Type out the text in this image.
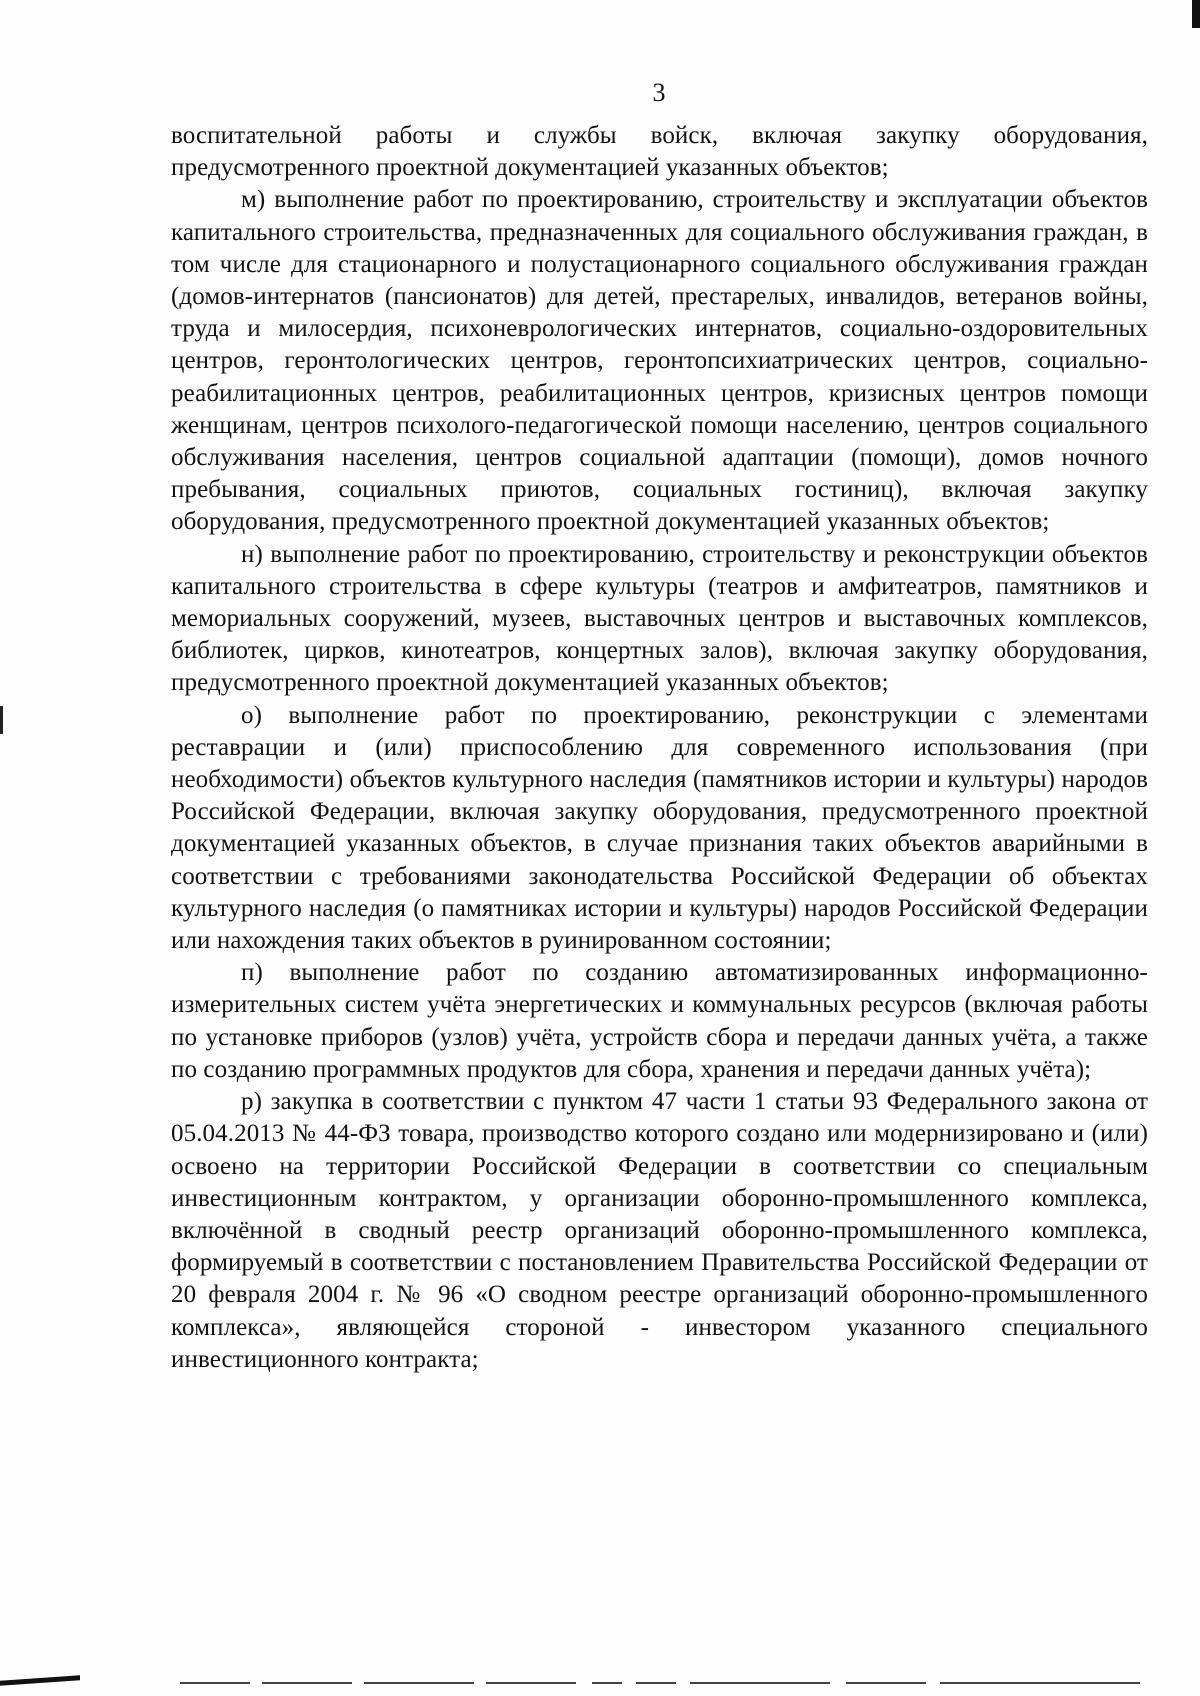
3

воспитательной работы и службы войск, включая закупку оборудования, предусмотренного проектной документацией указанных объектов;

м) выполнение работ по проектированию, строительству и эксплуатации объектов капитального строительства, предназначенных для социального обслуживания граждан, в том числе для стационарного и полустационарного социального обслуживания граждан (домов-интернатов (пансионатов) для детей, престарелых, инвалидов, ветеранов войны, труда и милосердия, психоневрологических интернатов, социально-оздоровительных центров, геронтологических центров, геронтопсихиатрических центров, социально-реабилитационных центров, реабилитационных центров, кризисных центров помощи женщинам, центров психолого-педагогической помощи населению, центров социального обслуживания населения, центров социальной адаптации (помощи), домов ночного пребывания, социальных приютов, социальных гостиниц), включая закупку оборудования, предусмотренного проектной документацией указанных объектов;

н) выполнение работ по проектированию, строительству и реконструкции объектов капитального строительства в сфере культуры (театров и амфитеатров, памятников и мемориальных сооружений, музеев, выставочных центров и выставочных комплексов, библиотек, цирков, кинотеатров, концертных залов), включая закупку оборудования, предусмотренного проектной документацией указанных объектов;

о) выполнение работ по проектированию, реконструкции с элементами реставрации и (или) приспособлению для современного использования (при необходимости) объектов культурного наследия (памятников истории и культуры) народов Российской Федерации, включая закупку оборудования, предусмотренного проектной документацией указанных объектов, в случае признания таких объектов аварийными в соответствии с требованиями законодательства Российской Федерации об объектах культурного наследия (о памятниках истории и культуры) народов Российской Федерации или нахождения таких объектов в руинированном состоянии;

п) выполнение работ по созданию автоматизированных информационно-измерительных систем учёта энергетических и коммунальных ресурсов (включая работы по установке приборов (узлов) учёта, устройств сбора и передачи данных учёта, а также по созданию программных продуктов для сбора, хранения и передачи данных учёта);

р) закупка в соответствии с пунктом 47 части 1 статьи 93 Федерального закона от 05.04.2013 № 44-ФЗ товара, производство которого создано или модернизировано и (или) освоено на территории Российской Федерации в соответствии со специальным инвестиционным контрактом, у организации оборонно-промышленного комплекса, включённой в сводный реестр организаций оборонно-промышленного комплекса, формируемый в соответствии с постановлением Правительства Российской Федерации от 20 февраля 2004 г. № 96 «О сводном реестре организаций оборонно-промышленного комплекса», являющейся стороной - инвестором указанного специального инвестиционного контракта;
